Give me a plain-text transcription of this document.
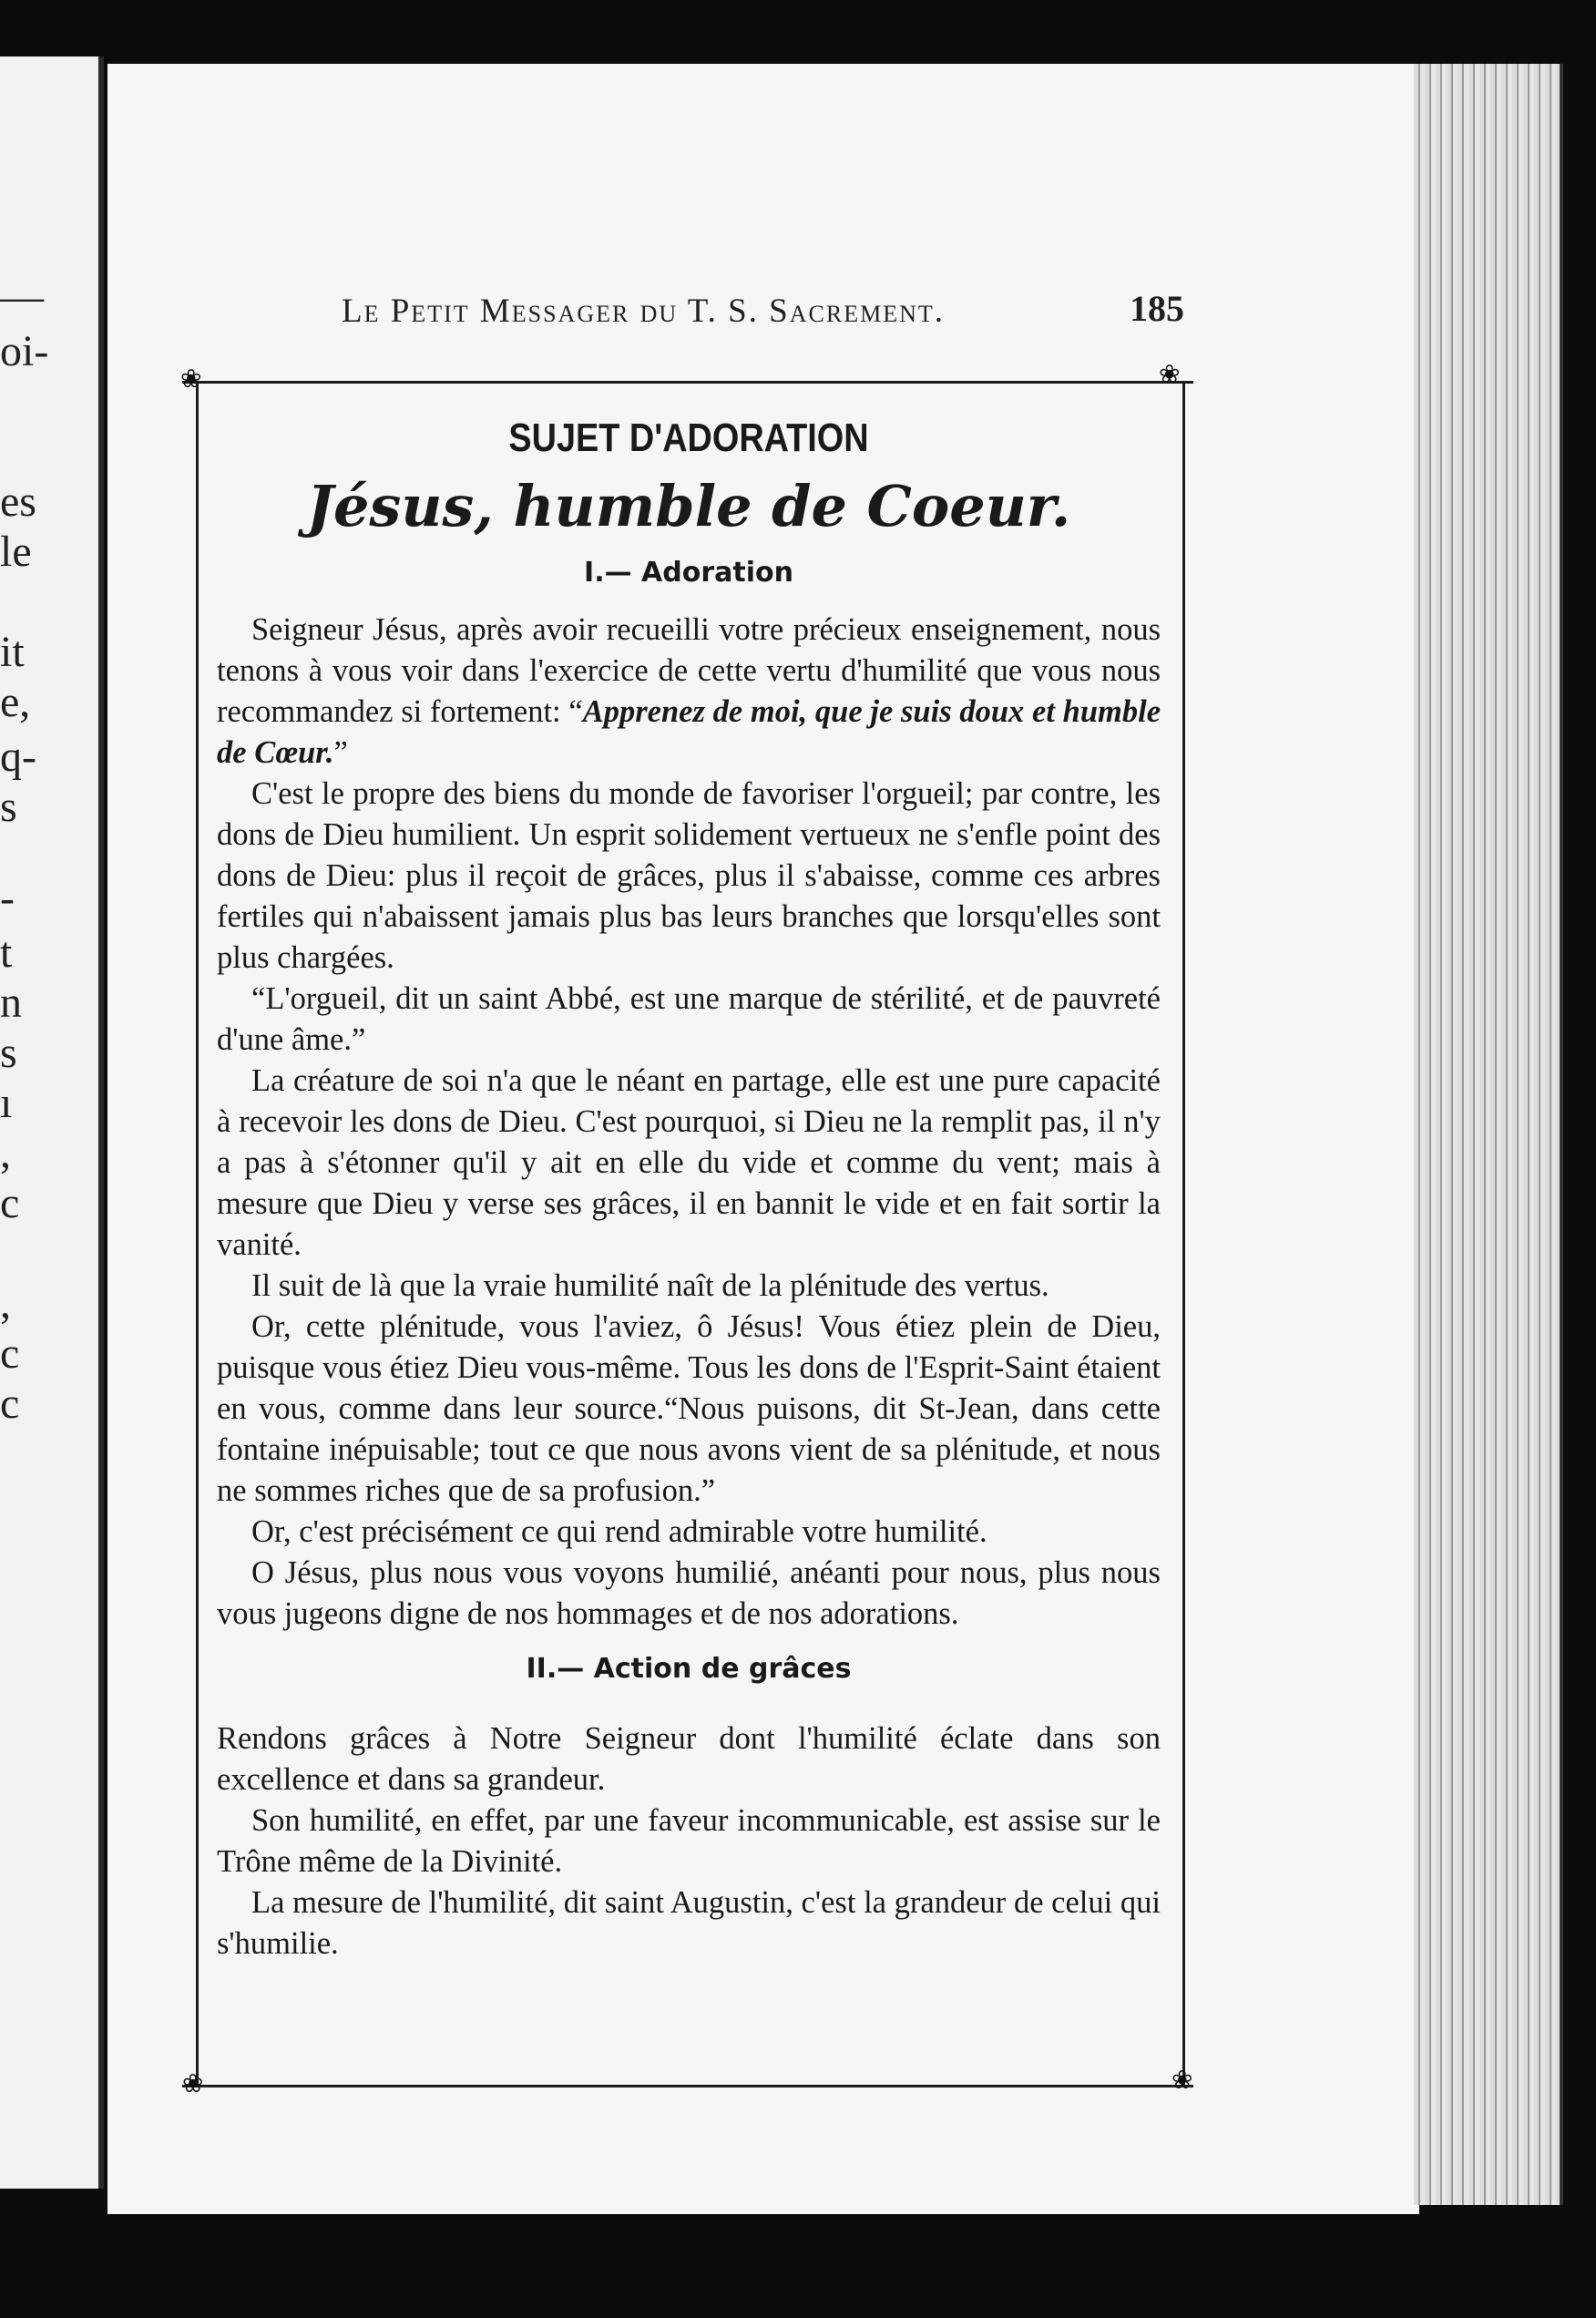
—
oi-
es
le
it
e,
q-
s
-
t
n
s
ı
,
c
,
c
c
Le Petit Messager du T. S. Sacrement.	185
❀	❀
❀	❀
SUJET D'ADORATION
Jésus, humble de Coeur.
I.— Adoration

Seigneur Jésus, après avoir recueilli votre précieux enseignement, nous tenons à vous voir dans l'exercice de cette vertu d'humilité que vous nous recommandez si fortement: “Apprenez de moi, que je suis doux et humble de Cœur.”

C'est le propre des biens du monde de favoriser l'orgueil; par contre, les dons de Dieu humilient. Un esprit solidement vertueux ne s'enfle point des dons de Dieu: plus il reçoit de grâces, plus il s'abaisse, comme ces arbres fertiles qui n'abaissent jamais plus bas leurs branches que lorsqu'elles sont plus chargées.

“L'orgueil, dit un saint Abbé, est une marque de stérilité, et de pauvreté d'une âme.”

La créature de soi n'a que le néant en partage, elle est une pure capacité à recevoir les dons de Dieu. C'est pourquoi, si Dieu ne la remplit pas, il n'y a pas à s'étonner qu'il y ait en elle du vide et comme du vent; mais à mesure que Dieu y verse ses grâces, il en bannit le vide et en fait sortir la vanité.

Il suit de là que la vraie humilité naît de la plénitude des vertus.

Or, cette plénitude, vous l'aviez, ô Jésus! Vous étiez plein de Dieu, puisque vous étiez Dieu vous-même. Tous les dons de l'Esprit-Saint étaient en vous, comme dans leur source.“Nous puisons, dit St-Jean, dans cette fontaine inépuisable; tout ce que nous avons vient de sa plénitude, et nous ne sommes riches que de sa profusion.”

Or, c'est précisément ce qui rend admirable votre humilité.

O Jésus, plus nous vous voyons humilié, anéanti pour nous, plus nous vous jugeons digne de nos hommages et de nos adorations.

II.— Action de grâces

Rendons grâces à Notre Seigneur dont l'humilité éclate dans son excellence et dans sa grandeur.

Son humilité, en effet, par une faveur incommunicable, est assise sur le Trône même de la Divinité.

La mesure de l'humilité, dit saint Augustin, c'est la grandeur de celui qui s'humilie.
